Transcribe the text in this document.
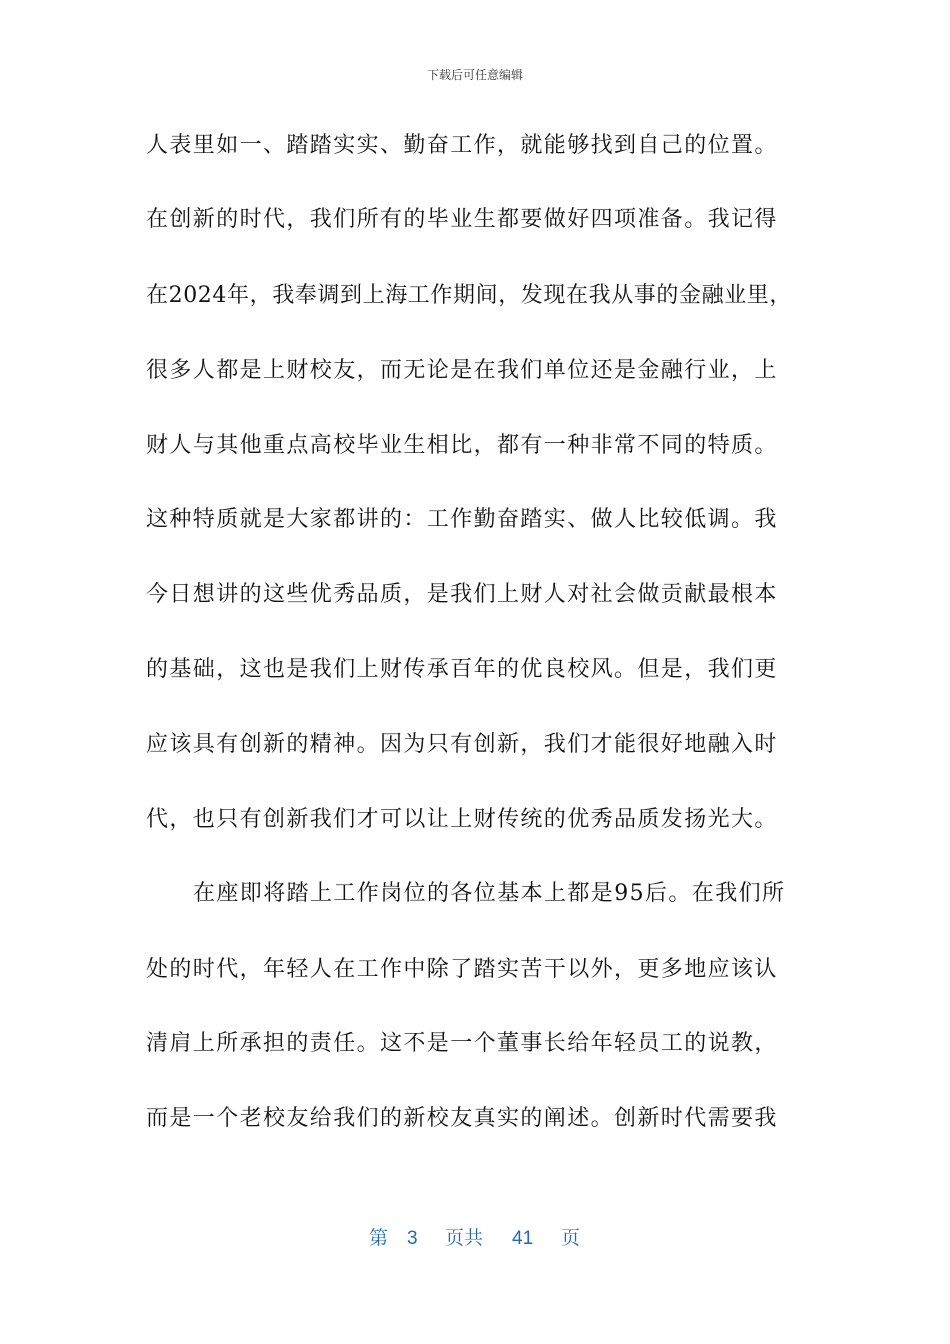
下载后可任意编辑
人表里如一、踏踏实实、勤奋工作，就能够找到自己的位置。
在创新的时代，我们所有的毕业生都要做好四项准备。我记得
在2024年，我奉调到上海工作期间，发现在我从事的金融业里，
很多人都是上财校友，而无论是在我们单位还是金融行业，上
财人与其他重点高校毕业生相比，都有一种非常不同的特质。
这种特质就是大家都讲的：工作勤奋踏实、做人比较低调。我
今日想讲的这些优秀品质，是我们上财人对社会做贡献最根本
的基础，这也是我们上财传承百年的优良校风。但是，我们更
应该具有创新的精神。因为只有创新，我们才能很好地融入时
代，也只有创新我们才可以让上财传统的优秀品质发扬光大。
在座即将踏上工作岗位的各位基本上都是95后。在我们所
处的时代，年轻人在工作中除了踏实苦干以外，更多地应该认
清肩上所承担的责任。这不是一个董事长给年轻员工的说教，
而是一个老校友给我们的新校友真实的阐述。创新时代需要我
第 3 页共 41 页
